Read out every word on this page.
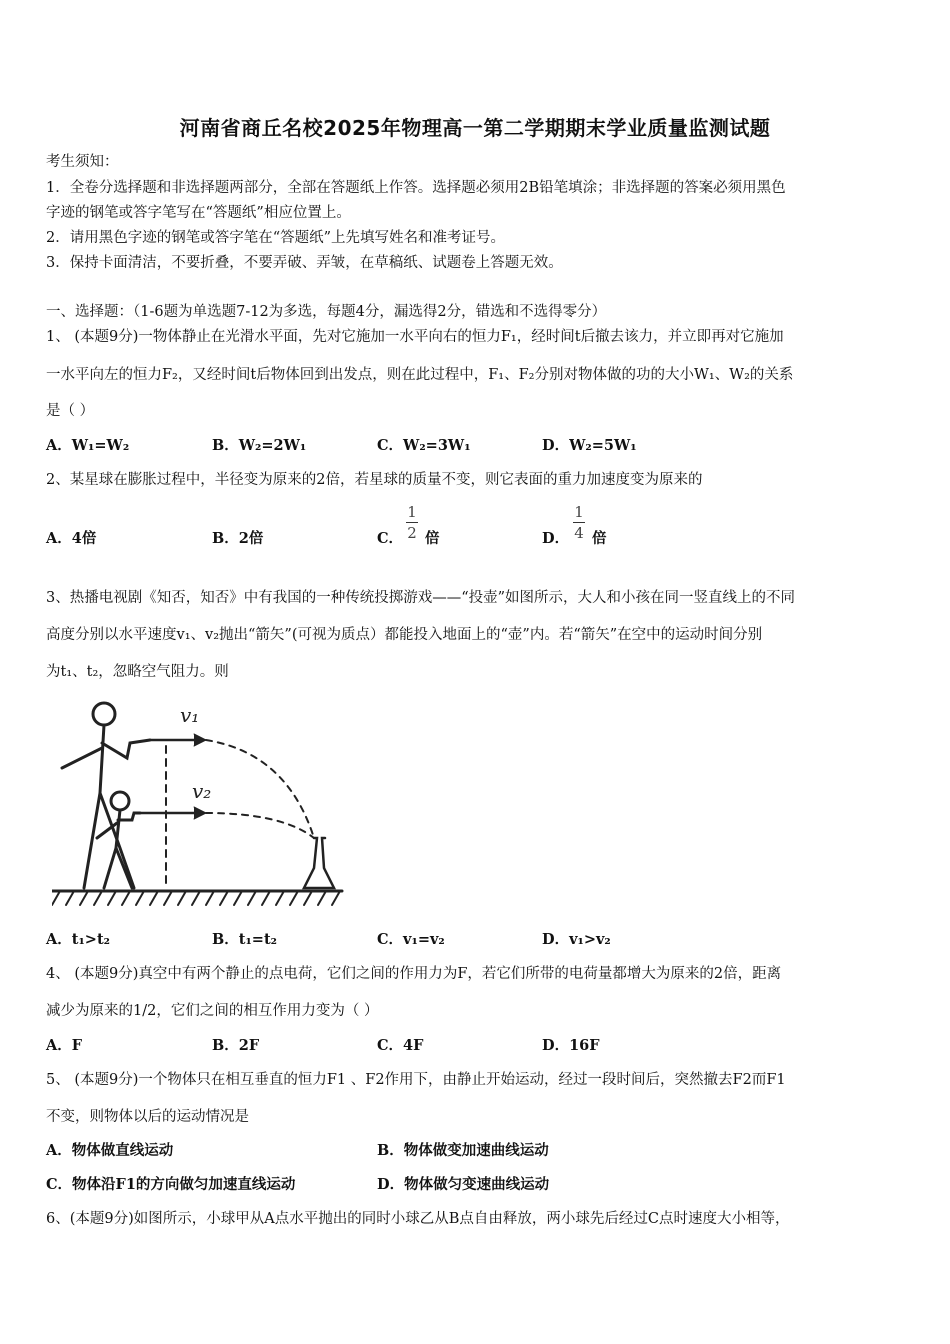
河南省商丘名校2025年物理高一第二学期期末学业质量监测试题
考生须知：
1．全卷分选择题和非选择题两部分，全部在答题纸上作答。选择题必须用2B铅笔填涂；非选择题的答案必须用黑色
字迹的钢笔或答字笔写在“答题纸”相应位置上。
2．请用黑色字迹的钢笔或答字笔在“答题纸”上先填写姓名和准考证号。
3．保持卡面清洁，不要折叠，不要弄破、弄皱，在草稿纸、试题卷上答题无效。
一、选择题：（1-6题为单选题7-12为多选，每题4分，漏选得2分，错选和不选得零分）
1、 (本题9分)一物体静止在光滑水平面，先对它施加一水平向右的恒力F₁，经时间t后撤去该力，并立即再对它施加
一水平向左的恒力F₂，又经时间t后物体回到出发点，则在此过程中，F₁、F₂分别对物体做的功的大小W₁、W₂的关系
是（ ）
A．W₁=W₂	B．W₂=2W₁	C．W₂=3W₁	D．W₂=5W₁
2、某星球在膨胀过程中，半径变为原来的2倍，若星球的质量不变，则它表面的重力加速度变为原来的
A．4倍	B．2倍	C．
1
2 倍	D．
1
4 倍
3、热播电视剧《知否，知否》中有我国的一种传统投掷游戏——“投壶”如图所示，大人和小孩在同一竖直线上的不同
高度分别以水平速度v₁、v₂抛出“箭矢”(可视为质点）都能投入地面上的“壶”内。若“箭矢”在空中的运动时间分别
为t₁、t₂，忽略空气阻力。则
v₁
v₂
A．t₁>t₂	B．t₁=t₂	C．v₁=v₂	D．v₁>v₂
4、 (本题9分)真空中有两个静止的点电荷，它们之间的作用力为F，若它们所带的电荷量都增大为原来的2倍，距离
减少为原来的1/2，它们之间的相互作用力变为（ ）
A．F	B．2F	C．4F	D．16F
5、 (本题9分)一个物体只在相互垂直的恒力F1 、F2作用下，由静止开始运动，经过一段时间后，突然撤去F2而F1
不变，则物体以后的运动情况是
A．物体做直线运动	B．物体做变加速曲线运动
C．物体沿F1的方向做匀加速直线运动	D．物体做匀变速曲线运动
6、(本题9分)如图所示，小球甲从A点水平抛出的同时小球乙从B点自由释放，两小球先后经过C点时速度大小相等，
